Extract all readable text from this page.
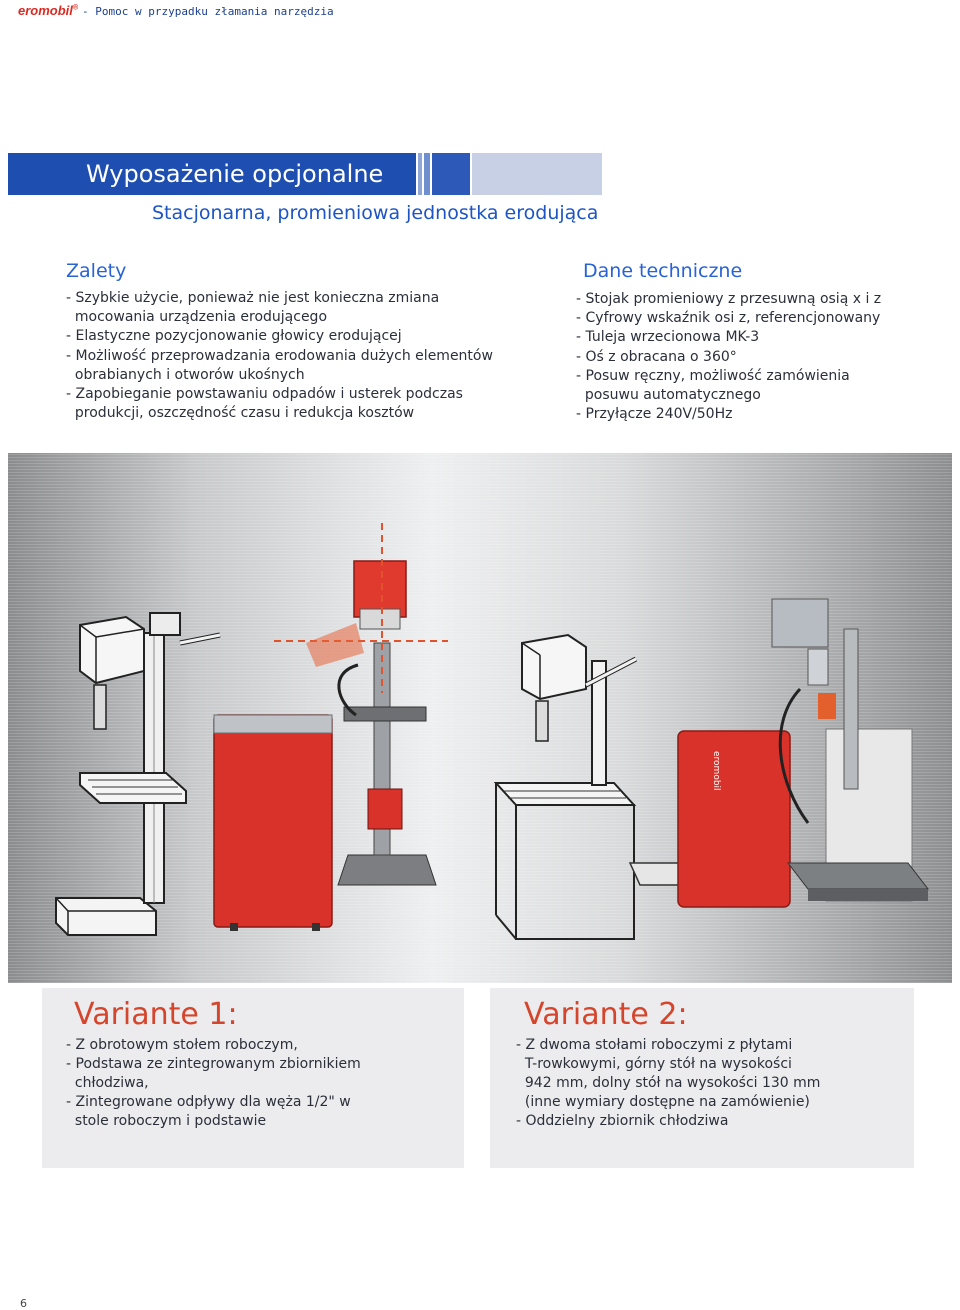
eromobil® - Pomoc w przypadku złamania narzędzia
Wyposażenie opcjonalne
Stacjonarna, promieniowa jednostka erodująca
Zalety
- Szybkie użycie, ponieważ nie jest konieczna zmiana
mocowania urządzenia erodującego
- Elastyczne pozycjonowanie głowicy erodującej
- Możliwość przeprowadzania erodowania dużych elementów
obrabianych i otworów ukośnych
- Zapobieganie powstawaniu odpadów i usterek podczas
produkcji, oszczędność czasu i redukcja kosztów
Dane techniczne
- Stojak promieniowy z przesuwną osią x i z
- Cyfrowy wskaźnik osi z, referencjonowany
- Tuleja wrzecionowa MK-3
- Oś z obracana o 360°
- Posuw ręczny, możliwość zamówienia
posuwu automatycznego
- Przyłącze 240V/50Hz
eromobil
Variante 1:
- Z obrotowym stołem roboczym,
- Podstawa ze zintegrowanym zbiornikiem
chłodziwa,
- Zintegrowane odpływy dla węża 1/2" w
stole roboczym i podstawie
Variante 2:
- Z dwoma stołami roboczymi z płytami
T-rowkowymi, górny stół na wysokości
942 mm, dolny stół na wysokości 130 mm
(inne wymiary dostępne na zamówienie)
- Oddzielny zbiornik chłodziwa
6
